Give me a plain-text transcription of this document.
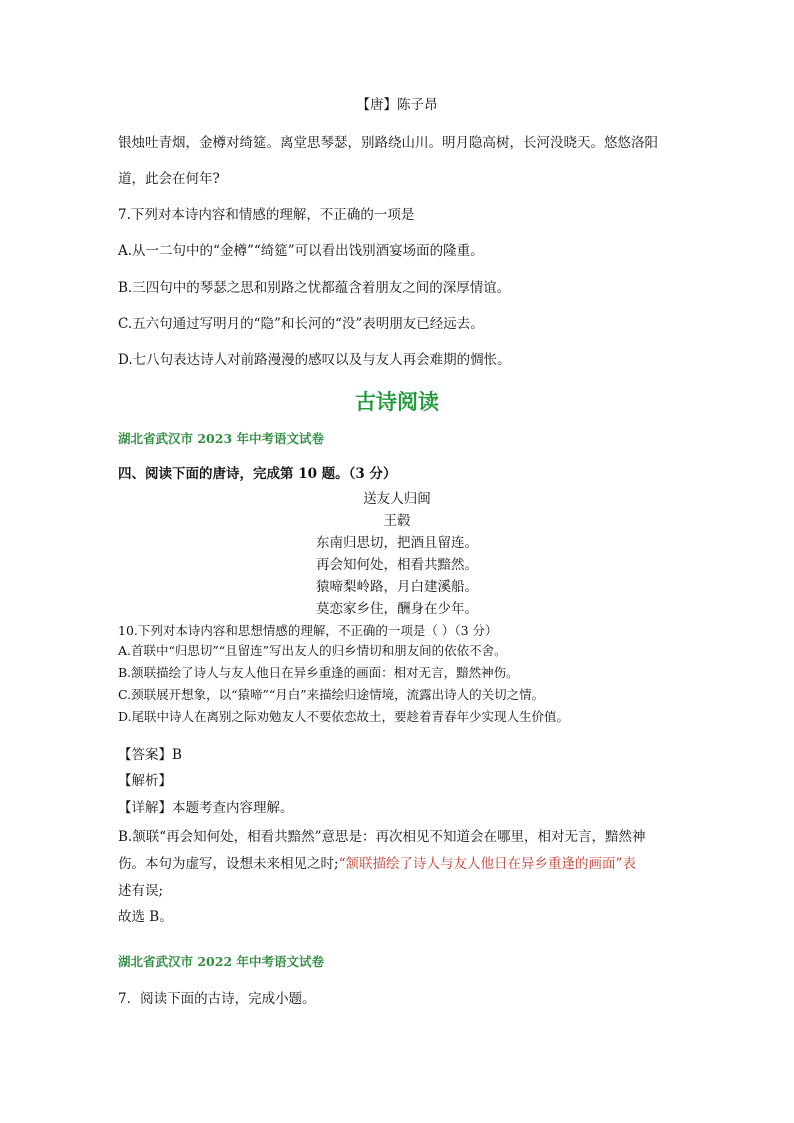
【唐】陈子昂
银烛吐青烟，金樽对绮筵。离堂思琴瑟，别路绕山川。明月隐高树，长河没晓天。悠悠洛阳
道，此会在何年?
7.下列对本诗内容和情感的理解，不正确的一项是
A.从一二句中的“金樽”“绮筵”可以看出饯别酒宴场面的隆重。
B.三四句中的琴瑟之思和别路之忧都蕴含着朋友之间的深厚情谊。
C.五六句通过写明月的“隐”和长河的“没”表明朋友已经远去。
D.七八句表达诗人对前路漫漫的感叹以及与友人再会难期的惆怅。
古诗阅读
湖北省武汉市 2023 年中考语文试卷
四、阅读下面的唐诗，完成第 10 题。（3 分）
送友人归闽
王毂
东南归思切，把酒且留连。
再会知何处，相看共黯然。
猿啼梨岭路，月白建溪船。
莫恋家乡住，酬身在少年。
10.下列对本诗内容和思想情感的理解，不正确的一项是（ ）（3 分）
A.首联中“归思切”“且留连”写出友人的归乡情切和朋友间的依依不舍。
B.颔联描绘了诗人与友人他日在异乡重逢的画面：相对无言，黯然神伤。
C.颈联展开想象，以“猿啼”“月白”来描绘归途情境，流露出诗人的关切之情。
D.尾联中诗人在离别之际劝勉友人不要依恋故土，要趁着青春年少实现人生价值。
【答案】B
【解析】
【详解】本题考查内容理解。
B.颔联“再会知何处，相看共黯然”意思是：再次相见不知道会在哪里，相对无言，黯然神
伤。本句为虚写，设想未来相见之时;“颔联描绘了诗人与友人他日在异乡重逢的画面”表
述有误;
故选 B。
湖北省武汉市 2022 年中考语文试卷
7．阅读下面的古诗，完成小题。
